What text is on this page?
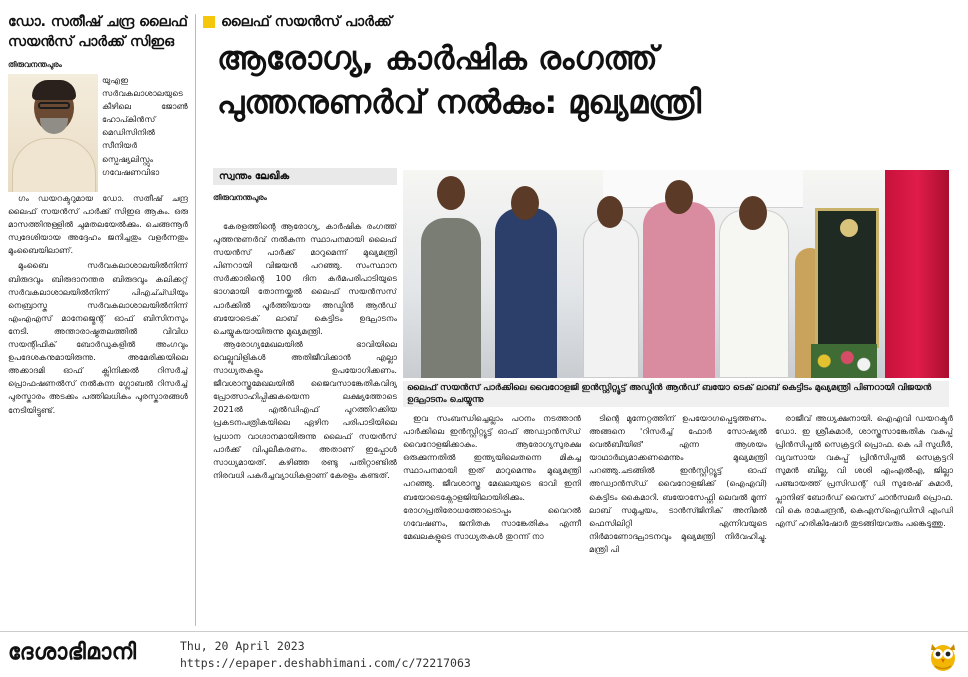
ഡോ. സതീഷ് ചന്ദ്ര ലൈഫ് സയൻസ് പാർക്ക് സിഇഒ
തിരുവനന്തപുരം
യുഎഇ സർവകലാശാലയുടെ കീഴിലെ ജോൺ ഹോപ്കിൻസ് മെഡിസിനിൽ സീനിയർ സ്പെഷ്യലിസ്റ്റും ഗവേഷണവിഭാ

ഗം ഡയറക്ടറുമായ ഡോ. സതീഷ് ചന്ദ്ര ലൈഫ് സയൻസ് പാർക്ക് സിഇഒ ആകും. ഒരു മാസത്തിനുള്ളിൽ ചുമതലയേൽക്കും. ചെങ്ങന്നൂർ സ്വദേശിയായ അദ്ദേഹം ജനിച്ചതും വളർന്നതും മുംബൈയിലാണ്.

മുംബൈ സർവകലാശാലയിൽനിന്ന് ബിരുദവും ബിരുദാനന്തര ബിരുദവും കലിക്കറ്റ് സർവകലാശാലയിൽനിന്ന് പിഎച്ച്ഡിയും നെബ്രാസ്ക സർവകലാശാലയിൽനിന്ന് എംഎഎസ് മാനേജ്മെന്റ് ഓഫ് ബിസിനസും നേടി. അന്താരാഷ്ട്രതലത്തിൽ വിവിധ സയന്റിഫിക് ബോർഡുകളിൽ അംഗവും ഉപദേശകനുമായിരുന്നു. അമേരിക്കയിലെ അക്കാദമി ഓഫ് ക്ലിനിക്കൽ റിസർച്ച് പ്രൊഫഷണൽസ് നൽകുന്ന ഗ്ലോബൽ റിസർച്ച് പുരസ്കാരം അടക്കം പത്തിലധികം പുരസ്കാരങ്ങൾ നേടിയിട്ടുണ്ട്.

ലൈഫ് സയൻസ് പാർക്ക്
ആരോഗ്യ, കാർഷിക രംഗത്ത്
പുത്തനുണർവ് നൽകും: മുഖ്യമന്ത്രി
സ്വന്തം ലേഖിക
തിരുവനന്തപുരം
ലൈഫ് സയൻസ് പാർക്കിലെ വൈറോളജി ഇൻസ്റ്റിറ്റ്യൂട്ട് അഡ്മിൻ ആൻഡ് ബയോ ടെക് ലാബ് കെട്ടിടം മുഖ്യമന്ത്രി പിണറായി വിജയൻ ഉദ്ഘാടനം ചെയ്യുന്നു

കേരളത്തിന്റെ ആരോഗ്യ, കാർഷിക രംഗത്ത് പുത്തനുണർവ് നൽകുന്ന സ്ഥാപനമായി ലൈഫ് സയൻസ് പാർക്ക് മാറുമെന്ന് മുഖ്യമന്ത്രി പിണറായി വിജയൻ പറഞ്ഞു. സംസ്ഥാന സർക്കാരിന്റെ 100 ദിന കർമപരിപാടിയുടെ ഭാഗമായി തോന്നയ്ക്കൽ ലൈഫ് സയൻസസ് പാർക്കിൽ പൂർത്തിയായ അഡ്മിൻ ആൻഡ് ബയോടെക് ലാബ് കെട്ടിടം ഉദ്ഘാടനം ചെയ്യുകയായിരുന്നു മുഖ്യമന്ത്രി.

ആരോഗ്യമേഖലയിൽ ഭാവിയിലെ വെല്ലുവിളികൾ അതിജീവിക്കാൻ എല്ലാ സാധ്യതകളും ഉപയോഗിക്കണം. ജീവശാസ്ത്രമേഖലയിൽ ജൈവസാങ്കേതികവിദ്യ പ്രോത്സാഹിപ്പിക്കുകയെന്ന ലക്ഷ്യത്തോടെ 2021ൽ എൽഡിഎഫ് പുറത്തിറക്കിയ പ്രകടനപത്രികയിലെ ഏഴിന പരിപാടിയിലെ പ്രധാന വാഗ്ദാനമായിരുന്നു ലൈഫ് സയൻസ് പാർക്ക് വിപുലീകരണം. അതാണ് ഇപ്പോൾ സാധ്യമായത്. കഴിഞ്ഞ രണ്ടു പതിറ്റാണ്ടിൽ നിരവധി പകർച്ചവ്യാധികളാണ് കേരളം കണ്ടത്.

ഇവ സംബന്ധിച്ചെല്ലാം പഠനം നടത്താൻ പാർക്കിലെ ഇൻസ്റ്റിറ്റ്യൂട്ട് ഓഫ് അഡ്വാൻസ്ഡ് വൈറോളജിക്കാകും. ആരോഗ്യസുരക്ഷ ഒരുക്കുന്നതിൽ ഇന്ത്യയിലെതന്നെ മികച്ച സ്ഥാപനമായി ഇത് മാറുമെന്നും മുഖ്യമന്ത്രി പറഞ്ഞു. ജീവശാസ്ത്ര മേഖലയുടെ ഭാവി ഇനി ബയോടെക്നോളജിയിലായിരിക്കും. രോഗപ്രതിരോധത്തോടൊപ്പം വൈറൽ ഗവേഷണം, ജനിതക സാങ്കേതികം എന്നീ മേഖലകളുടെ സാധ്യതകൾ തുറന്ന് നാ

ടിന്റെ മുന്നേറ്റത്തിന് ഉപയോഗപ്പെടുത്തണം. അങ്ങനെ 'റിസർച്ച് ഫോർ സോഷ്യൽ വെൽബീയിങ്' എന്ന ആശയം യാഥാർഥ്യമാക്കണമെന്നും മുഖ്യമന്ത്രി പറഞ്ഞു.ചടങ്ങിൽ ഇൻസ്റ്റിറ്റ്യൂട്ട് ഓഫ് അഡ്വാൻസ്ഡ് വൈറോളജിക്ക് (ഐഎവി) കെട്ടിടം കൈമാറി. ബയോസേഫ്റ്റി ലെവൽ മൂന്ന് ലാബ് സമുച്ചയം, ടാൻസ്ജിനിക് അനിമൽ ഫെസിലിറ്റി എന്നിവയുടെ നിർമാണോദ്ഘാടനവും മുഖ്യമന്ത്രി നിർവഹിച്ചു. മന്ത്രി പി

രാജീവ് അധ്യക്ഷനായി. ഐഎവി ഡയറക്ടർ ഡോ. ഇ ശ്രീകുമാർ, ശാസ്ത്രസാങ്കേതിക വകുപ്പ് പ്രിൻസിപ്പൽ സെക്രട്ടറി പ്രൊഫ. കെ പി സുധീർ, വ്യവസായ വകുപ്പ് പ്രിൻസിപ്പൽ സെക്രട്ടറി സുമൻ ബില്ല, വി ശശി എംഎൽഎ, ജില്ലാ പഞ്ചായത്ത് പ്രസിഡന്റ് ഡി സുരേഷ് കുമാർ, പ്ലാനിങ് ബോർഡ് വൈസ് ചാൻസലർ പ്രൊഫ. വി കെ രാമചന്ദ്രൻ, കെഎസ്ഐഡിസി എംഡി എസ് ഹരികിഷോർ തുടങ്ങിയവരും പങ്കെടുത്തു.

ദേശാഭിമാനി	Thu, 20 April 2023
https://epaper.deshabhimani.com/c/72217063
